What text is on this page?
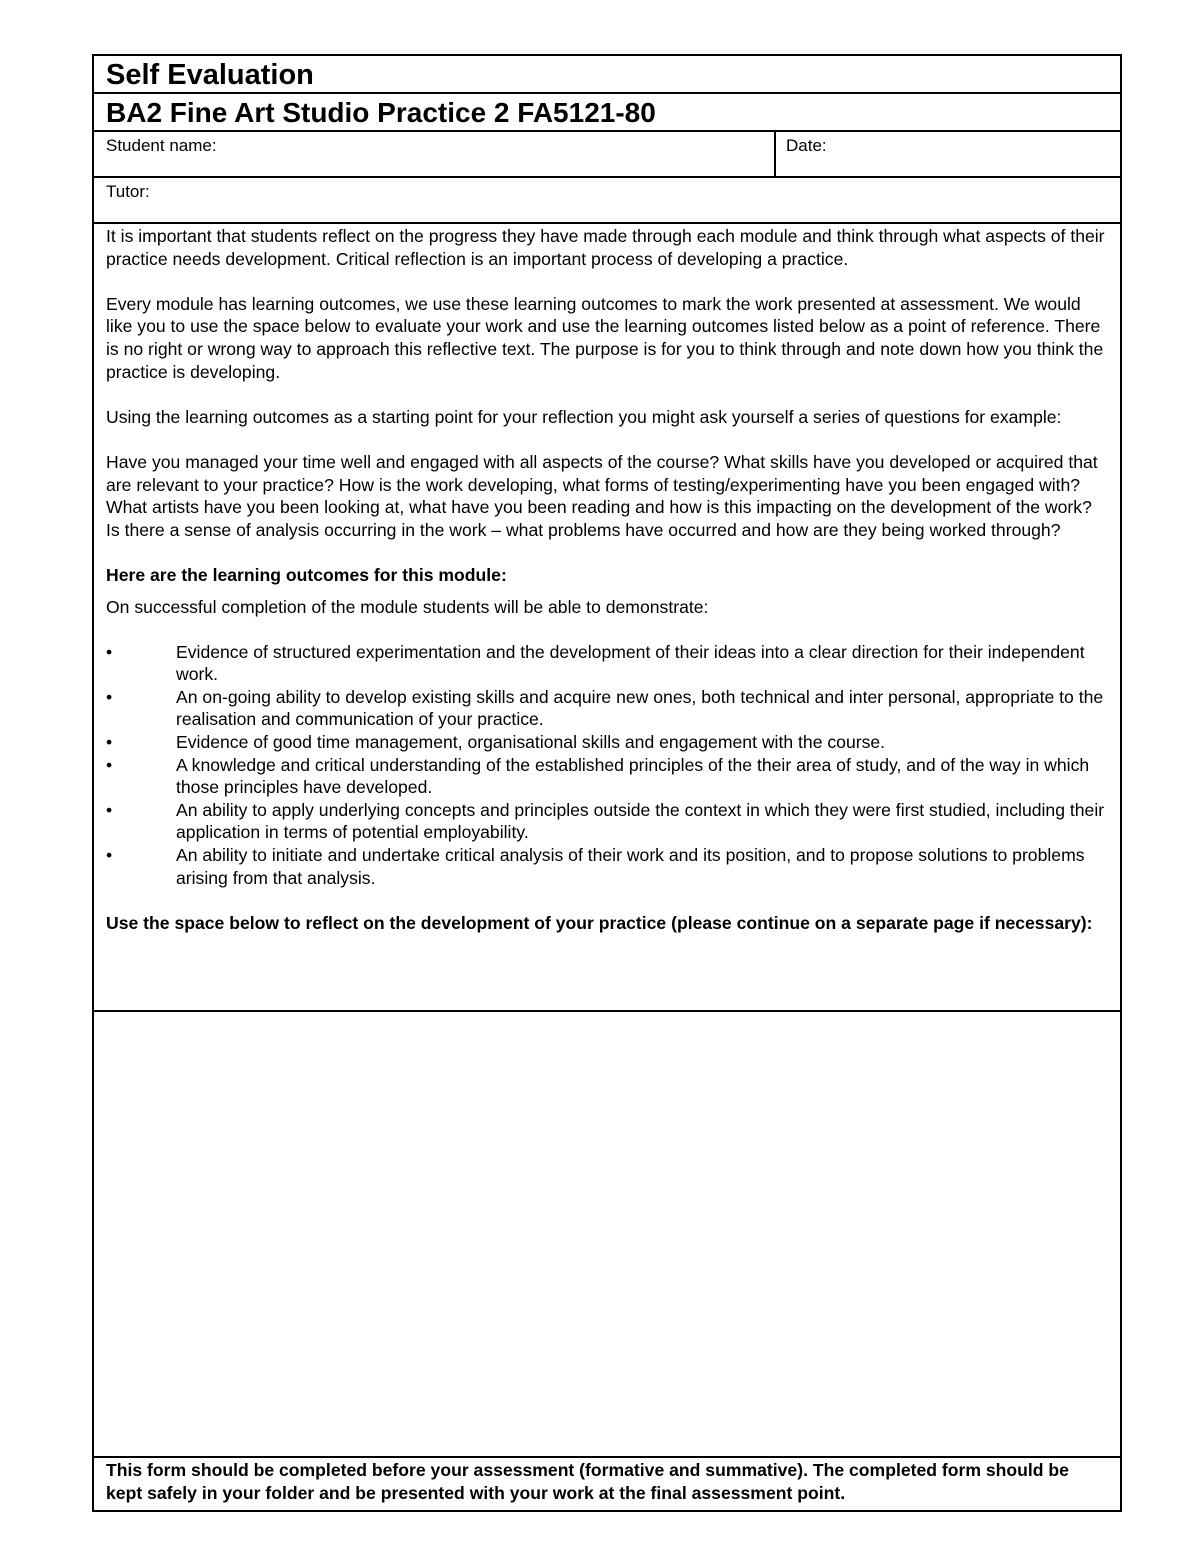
Self Evaluation
BA2 Fine Art Studio Practice 2 FA5121-80
Student name:	Date:
Tutor:

It is important that students reflect on the progress they have made through each module and think through what aspects of their practice needs development. Critical reflection is an important process of developing a practice.

Every module has learning outcomes, we use these learning outcomes to mark the work presented at assessment. We would like you to use the space below to evaluate your work and use the learning outcomes listed below as a point of reference. There is no right or wrong way to approach this reflective text. The purpose is for you to think through and note down how you think the practice is developing.

Using the learning outcomes as a starting point for your reflection you might ask yourself a series of questions for example:

Have you managed your time well and engaged with all aspects of the course? What skills have you developed or acquired that are relevant to your practice? How is the work developing, what forms of testing/experimenting have you been engaged with? What artists have you been looking at, what have you been reading and how is this impacting on the development of the work? Is there a sense of analysis occurring in the work – what problems have occurred and how are they being worked through?

Here are the learning outcomes for this module:

On successful completion of the module students will be able to demonstrate:

•	Evidence of structured experimentation and the development of their ideas into a clear direction for their independent work.
•	An on-going ability to develop existing skills and acquire new ones, both technical and inter personal, appropriate to the realisation and communication of your practice.
•	Evidence of good time management, organisational skills and engagement with the course.
•	A knowledge and critical understanding of the established principles of the their area of study, and of the way in which those principles have developed.
•	An ability to apply underlying concepts and principles outside the context in which they were first studied, including their application in terms of potential employability.
•	An ability to initiate and undertake critical analysis of their work and its position, and to propose solutions to problems arising from that analysis.

Use the space below to reflect on the development of your practice (please continue on a separate page if necessary):

This form should be completed before your assessment (formative and summative). The completed form should be kept safely in your folder and be presented with your work at the final assessment point.
